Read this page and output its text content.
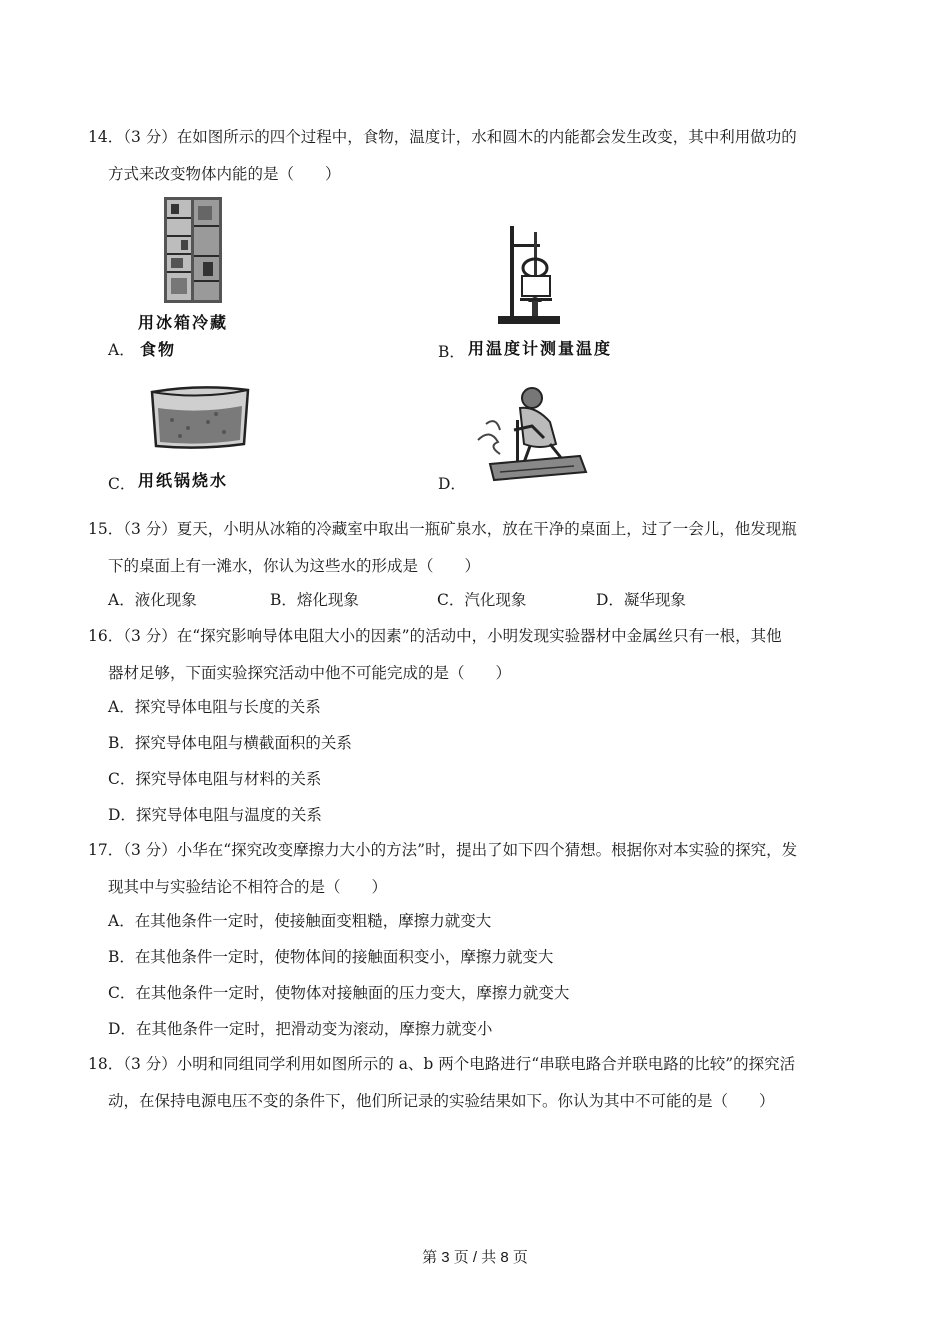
14．（3 分）在如图所示的四个过程中，食物，温度计，水和圆木的内能都会发生改变，其中利用做功的
方式来改变物体内能的是（　　）
用冰箱冷藏
A． 食物	B． 用温度计测量温度
C． 用纸锅烧水	D．
15．（3 分）夏天，小明从冰箱的冷藏室中取出一瓶矿泉水，放在干净的桌面上，过了一会儿，他发现瓶
下的桌面上有一滩水，你认为这些水的形成是（　　）
A．液化现象	B．熔化现象	C．汽化现象	D．凝华现象
16．（3 分）在“探究影响导体电阻大小的因素”的活动中，小明发现实验器材中金属丝只有一根，其他
器材足够，下面实验探究活动中他不可能完成的是（　　）
A．探究导体电阻与长度的关系
B．探究导体电阻与横截面积的关系
C．探究导体电阻与材料的关系
D．探究导体电阻与温度的关系
17．（3 分）小华在“探究改变摩擦力大小的方法”时，提出了如下四个猜想。根据你对本实验的探究，发
现其中与实验结论不相符合的是（　　）
A．在其他条件一定时，使接触面变粗糙，摩擦力就变大
B．在其他条件一定时，使物体间的接触面积变小，摩擦力就变大
C．在其他条件一定时，使物体对接触面的压力变大，摩擦力就变大
D．在其他条件一定时，把滑动变为滚动，摩擦力就变小
18．（3 分）小明和同组同学利用如图所示的 a、b 两个电路进行“串联电路合并联电路的比较”的探究活
动，在保持电源电压不变的条件下，他们所记录的实验结果如下。你认为其中不可能的是（　　）
第 3 页 / 共 8 页
